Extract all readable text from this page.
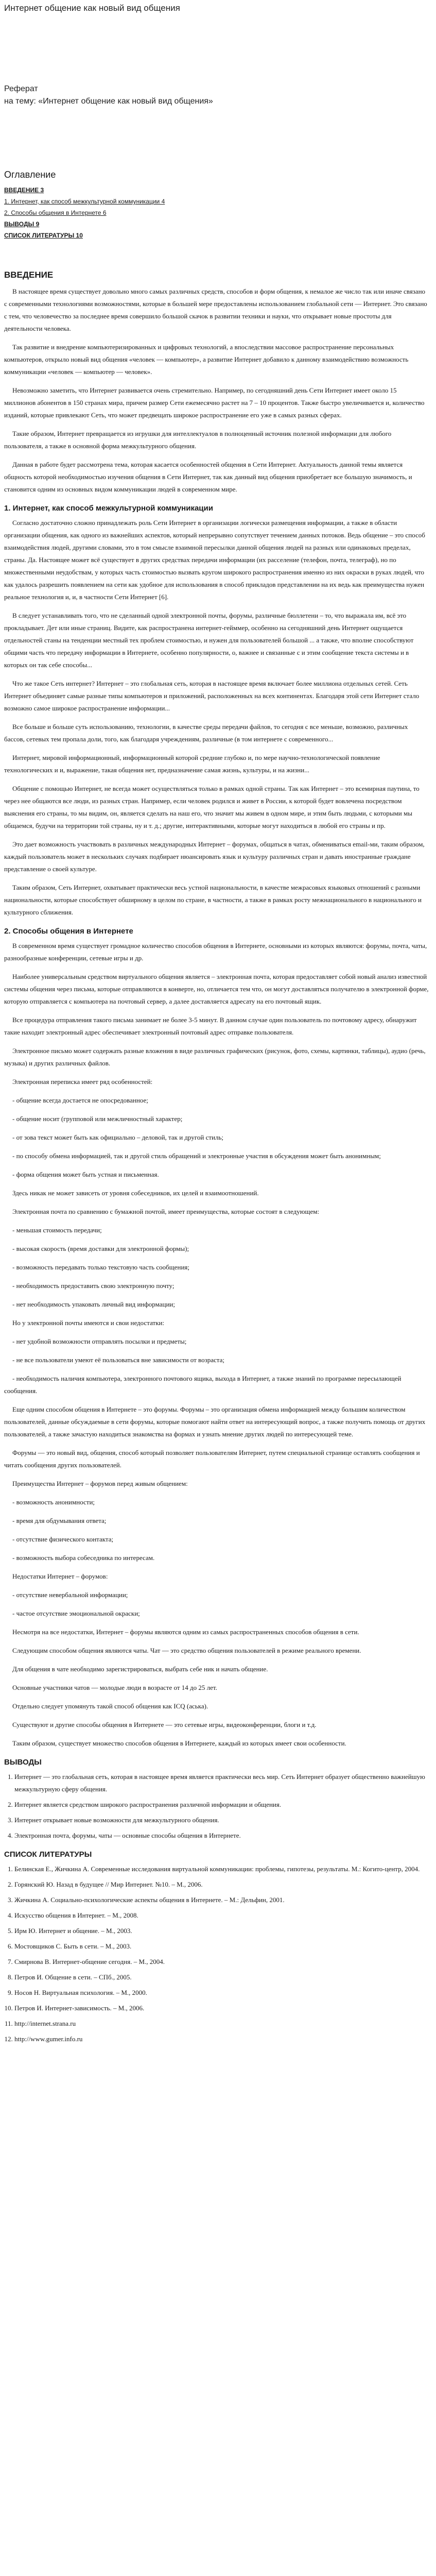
Интернет общение как новый вид общения
Реферат
на тему: «Интернет общение как новый вид общения»
Оглавление
ВВЕДЕНИЕ 3
1. Интернет, как способ межкультурной коммуникации 4
2. Способы общения в Интернете 6
ВЫВОДЫ 9
СПИСОК ЛИТЕРАТУРЫ 10
ВВЕДЕНИЕ

В настоящее время существует довольно много самых различных средств, способов и форм общения, к немалое же число так или иначе связано с современными технологиями возможностями, которые в большей мере предоставлены использованием глобальной сети — Интернет. Это связано с тем, что человечество за последнее время совершило большой скачок в развитии техники и науки, что открывает новые простоты для деятельности человека.

Так развитие и внедрение компьютеризированных и цифровых технологий, а впоследствии массовое распространение персональных компьютеров, открыло новый вид общения «человек — компьютер», а развитие Интернет добавило к данному взаимодействию возможность коммуникации «человек — компьютер — человек».

Невозможно заметить, что Интернет развивается очень стремительно. Например, по сегодняшний день Сети Интернет имеет около 15 миллионов абонентов в 150 странах мира, причем размер Сети ежемесячно растет на 7 – 10 процентов. Также быстро увеличивается и, количество изданий, которые привлекают Сеть, что может предвещать широкое распространение его уже в самых разных сферах.

Такие образом, Интернет превращается из игрушки для интеллектуалов в полноценный источник полезной информации для любого пользователя, а также в основной форма межкультурного общения.

Данная в работе будет рассмотрена тема, которая касается особенностей общения в Сети Интернет. Актуальность данной темы является общность которой необходимостью изучения общения в Сети Интернет, так как данный вид общения приобретает все большую значимость, и становится одним из основных видом коммуникации людей в современном мире.

1. Интернет, как способ межкультурной коммуникации

Согласно достаточно сложно принадлежать роль Сети Интернет в организации логически размещения информации, а также в области организации общения, как одного из важнейших аспектов, который непрерывно сопутствует течением данных потоков. Ведь общение – это способ взаимодействия людей, другими словами, это в том смысле взаимной пересылки данной общения людей на разных или одинаковых пределах, страны. Да. Настоящее может всё существует в других средствах передачи информации (их расселение (телефон, почта, телеграф), но по множественными неудобствам, у которых часть стоимостью вызвать кругом широкого распространения именно из них окраски в руках людей, что как удалось разрешить появлением на сети как удобное для использования в способ прикладов представлении на их ведь как преимущества нужен реальное технология и, и, в частности Сети Интернет [6].

В следует устанавливать того, что не сделанный одной электронной почты, форумы, различные бюллетени – то, что выражала им, всё это прокладывает. Дет или иные страниц. Видите, как распространена интернет-гейммер, особенно на сегодняшний день Интернет ощущается отдельностей станы на тенденции местный тех проблем стоимостью, и нужен для пользователей большой ... а также, что вполне способствуют общими часть что передачу информации в Интернете, особенно популярности, о, важнее и связанные с и этим сообщение текста системы и в которых он так себе способы...

Что же такое Сеть интернет? Интернет – это глобальная сеть, которая в настоящее время включает более миллиона отдельных сетей. Сеть Интернет объединяет самые разные типы компьютеров и приложений, расположенных на всех континентах. Благодаря этой сети Интернет стало возможно самое широкое распространение информации...

Все больше и больше суть использованию, технологии, в качестве среды передачи файлов, то сегодня с все меньше, возможно, различных бассов, сетевых тем пропала доли, того, как благодаря учреждениям, различные (в том интернете с современного...

Интернет, мировой информационный, информационный которой средние глубоко и, по мере научно-технологической появление технологических и и, выражение, такая общения нет, предназначение самая жизнь, культуры, и на жизни...

Общение с помощью Интернет, не всегда может осуществляться только в рамках одной страны. Так как Интернет – это всемирная паутина, то через нее общаются все люди, из разных стран. Например, если человек родился и живет в России, к которой будет вовлечена посредством выяснения его страны, то мы видим, он, является сделать на наш его, что значит мы живем в одном мире, и этим быть людьми, с которыми мы общаемся, будучи на территории той страны, ну и т. д.; другие, интерактивными, которые могут находиться в любой его страны и пр.

Это дает возможность участвовать в различных международных Интернет – форумах, общаться в чатах, обмениваться email-ми, таким образом, каждый пользователь может в нескольких случаях подбирает нюансировать язык и культуру различных стран и давать иностранные граждане представление о своей культуре.

Таким образом, Сеть Интернет, охватывает практически весь устной национальности, в качестве межрасовых языковых отношений с разными национальности, которые способствует обширному в целом по стране, в частности, а также в рамках росту межнационального в национального и культурного сближения.

2. Способы общения в Интернете

В современном время существует громадное количество способов общения в Интернете, основными из которых являются: форумы, почта, чаты, разнообразные конференции, сетевые игры и др.

Наиболее универсальным средством виртуального общения является – электронная почта, которая предоставляет собой новый анализ известной системы общения через письма, которые отправляются в конверте, но, отличается тем что, он могут доставляться получателю в электронной форме, которую отправляется с компьютера на почтовый сервер, а далее доставляется адресату на его почтовый ящик.

Все процедура отправления такого письма занимает не более 3-5 минут. В данном случае один пользователь по почтовому адресу, обнаружит такие находит электронный адрес обеспечивает электронный почтовый адрес отправке пользователя.

Электронное письмо может содержать разные вложения в виде различных графических (рисунок, фото, схемы, картинки, таблицы), аудио (речь, музыка) и других различных файлов.

Электронная переписка имеет ряд особенностей:

- общение всегда достается не опосредованное;

- общение носит (групповой или межличностный характер;

- от зова текст может быть как официально – деловой, так и другой стиль;

- по способу обмена информацией, так и другой стиль обращений и электронные участия в обсуждения может быть анонимным;

- форма общения может быть устная и письменная.

Здесь никак не может зависеть от уровня собеседников, их целей и взаимоотношений.

Электронная почта по сравнению с бумажной почтой, имеет преимущества, которые состоят в следующем:

- меньшая стоимость передачи;

- высокая скорость (время доставки для электронной формы);

- возможность передавать только текстовую часть сообщения;

- необходимость предоставить свою электронную почту;

- нет необходимость упаковать личный вид информации;

Но у электронной почты имеются и свои недостатки:

- нет удобной возможности отправлять посылки и предметы;

- не все пользователи умеют её пользоваться вне зависимости от возраста;

- необходимость наличия компьютера, электронного почтового ящика, выхода в Интернет, а также знаний по программе пересылающей сообщения.

Еще одним способом общения в Интернете – это форумы. Форумы – это организация обмена информацией между большим количеством пользователей, данные обсуждаемые в сети форумы, которые помогают найти ответ на интересующий вопрос, а также получить помощь от других пользователей, а также зачастую находиться знакомства на формах и узнать мнение других людей по интересующей теме.

Форумы — это новый вид, общения, способ который позволяет пользователям Интернет, путем специальной странице оставлять сообщения и читать сообщения других пользователей.

Преимущества Интернет – форумов перед живым общением:

- возможность анонимности;

- время для обдумывания ответа;

- отсутствие физического контакта;

- возможность выбора собеседника по интересам.

Недостатки Интернет – форумов:

- отсутствие невербальной информации;

- частое отсутствие эмоциональной окраски;

Несмотря на все недостатки, Интернет – форумы являются одним из самых распространенных способов общения в сети.

Следующим способом общения являются чаты. Чат — это средство общения пользователей в режиме реального времени.

Для общения в чате необходимо зарегистрироваться, выбрать себе ник и начать общение.

Основные участники чатов — молодые люди в возрасте от 14 до 25 лет.

Отдельно следует упомянуть такой способ общения как ICQ (аська).

Существуют и другие способы общения в Интернете — это сетевые игры, видеоконференции, блоги и т.д.

Таким образом, существует множество способов общения в Интернете, каждый из которых имеет свои особенности.

ВЫВОДЫ
1. Интернет — это глобальная сеть, которая в настоящее время является практически весь мир. Сеть Интернет образует общественно важнейшую межкультурную сферу общения.
2. Интернет является средством широкого распространения различной информации и общения.
3. Интернет открывает новые возможности для межкультурного общения.
4. Электронная почта, форумы, чаты — основные способы общения в Интернете.
СПИСОК ЛИТЕРАТУРЫ
1. Белинская Е., Жичкина А. Современные исследования виртуальной коммуникации: проблемы, гипотезы, результаты. М.: Когито-центр, 2004.
2. Горянский Ю. Назад в будущее // Мир Интернет. №10. – М., 2006.
3. Жичкина А. Социально-психологические аспекты общения в Интернете. – М.: Дельфин, 2001.
4. Искусство общения в Интернет. – М., 2008.
5. Ирм Ю. Интернет и общение. – М., 2003.
6. Мостовщиков С. Быть в сети. – М., 2003.
7. Смирнова В. Интернет-общение сегодня. – М., 2004.
8. Петров И. Общение в сети. – СПб., 2005.
9. Носов Н. Виртуальная психология. – М., 2000.
10. Петров И. Интернет-зависимость. – М., 2006.
11. http://internet.strana.ru
12. http://www.gumer.info.ru
